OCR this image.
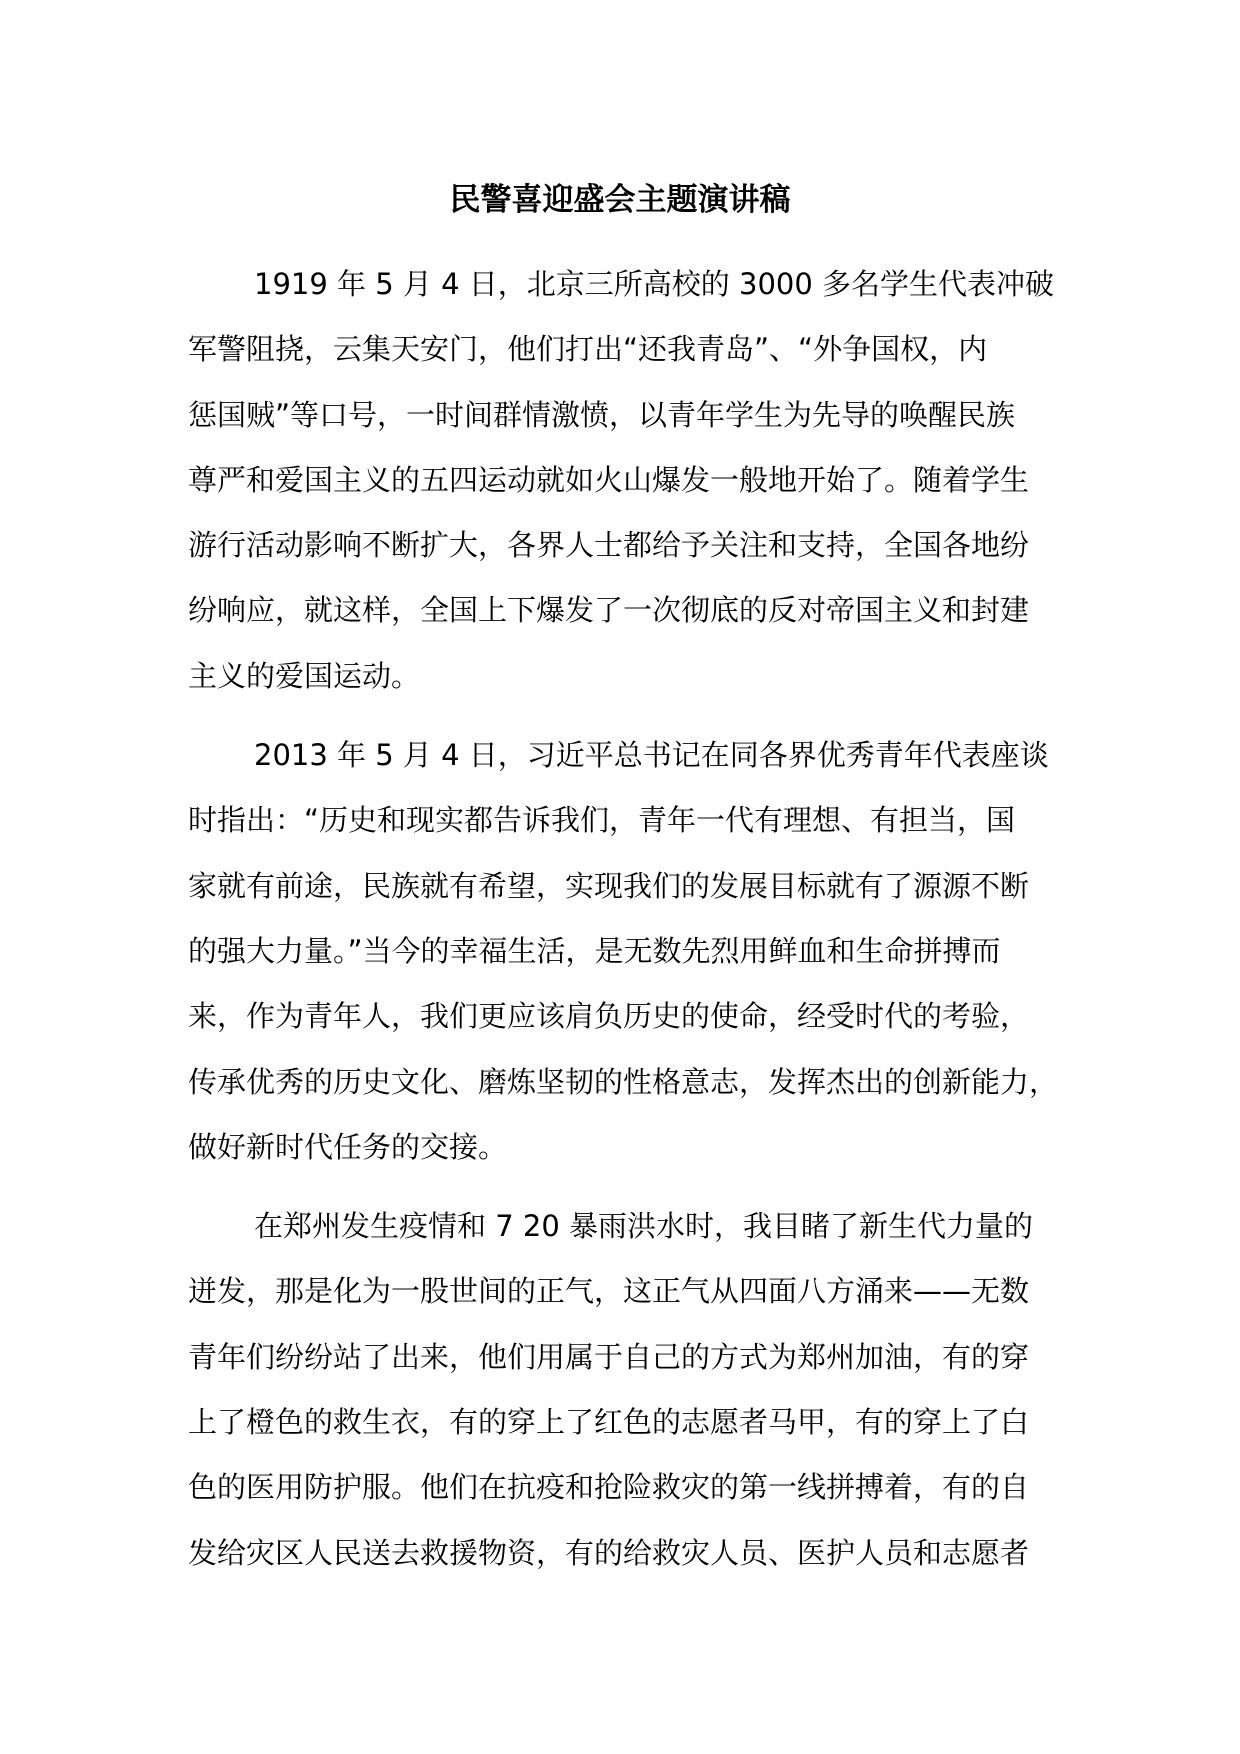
民警喜迎盛会主题演讲稿
1919 年 5 月 4 日，北京三所高校的 3000 多名学生代表冲破
军警阻挠，云集天安门，他们打出“还我青岛”、“外争国权，内
惩国贼”等口号，一时间群情激愤，以青年学生为先导的唤醒民族
尊严和爱国主义的五四运动就如火山爆发一般地开始了。随着学生
游行活动影响不断扩大，各界人士都给予关注和支持，全国各地纷
纷响应，就这样，全国上下爆发了一次彻底的反对帝国主义和封建
主义的爱国运动。
2013 年 5 月 4 日，习近平总书记在同各界优秀青年代表座谈
时指出：“历史和现实都告诉我们，青年一代有理想、有担当，国
家就有前途，民族就有希望，实现我们的发展目标就有了源源不断
的强大力量。”当今的幸福生活，是无数先烈用鲜血和生命拼搏而
来，作为青年人，我们更应该肩负历史的使命，经受时代的考验，
传承优秀的历史文化、磨炼坚韧的性格意志，发挥杰出的创新能力，
做好新时代任务的交接。
在郑州发生疫情和 7 20 暴雨洪水时，我目睹了新生代力量的
迸发，那是化为一股世间的正气，这正气从四面八方涌来——无数
青年们纷纷站了出来，他们用属于自己的方式为郑州加油，有的穿
上了橙色的救生衣，有的穿上了红色的志愿者马甲，有的穿上了白
色的医用防护服。他们在抗疫和抢险救灾的第一线拼搏着，有的自
发给灾区人民送去救援物资，有的给救灾人员、医护人员和志愿者
